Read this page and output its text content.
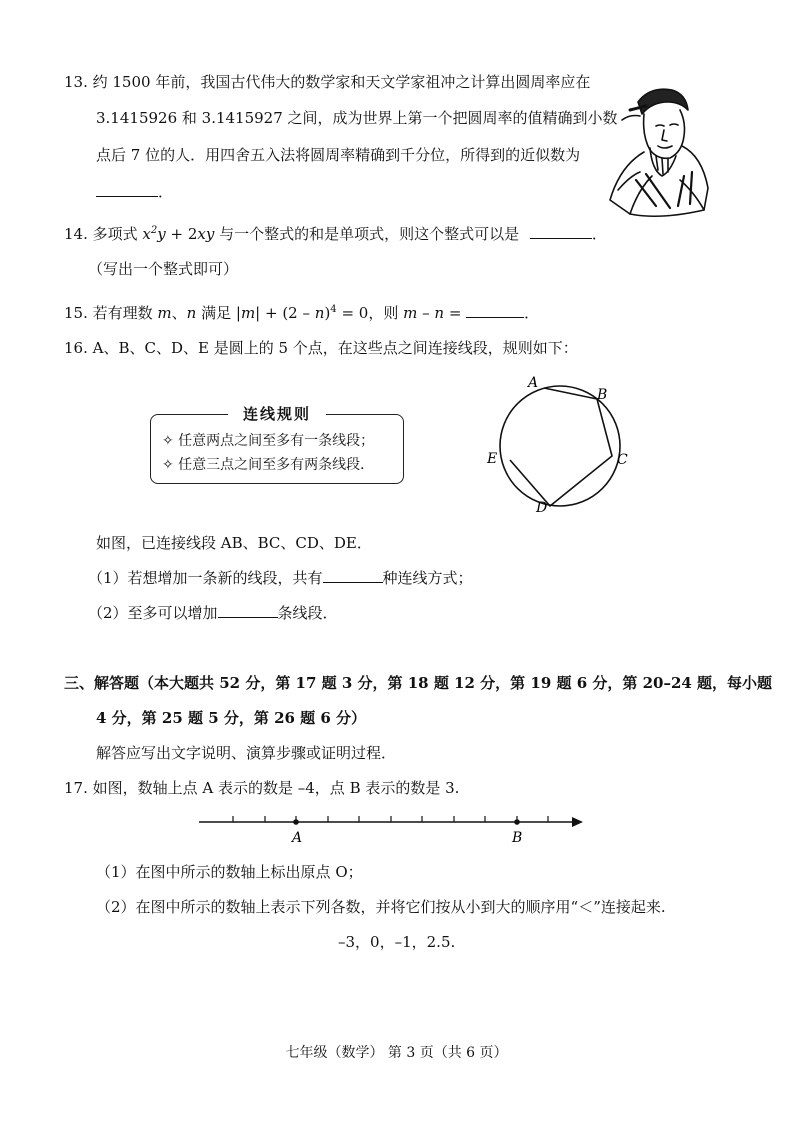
13. 约 1500 年前，我国古代伟大的数学家和天文学家祖冲之计算出圆周率应在
3.1415926 和 3.1415927 之间，成为世界上第一个把圆周率的值精确到小数
点后 7 位的人．用四舍五入法将圆周率精确到千分位，所得到的近似数为
．
14. 多项式 $x^2y + 2xy$ 与一个整式的和是单项式，则这个整式可以是	．
（写出一个整式即可）
15. 若有理数 m、n 满足 |m| + (2 – n)$^4$ = 0，则 m – n =	．
16. A、B、C、D、E 是圆上的 5 个点，在这些点之间连接线段，规则如下：
连线规则
✧ 任意两点之间至多有一条线段；
✧ 任意三点之间至多有两条线段．
A
B
C
D
E
如图，已连接线段 AB、BC、CD、DE．
（1）若想增加一条新的线段，共有	种连线方式；
（2）至多可以增加	条线段．
三、解答题（本大题共 52 分，第 17 题 3 分，第 18 题 12 分，第 19 题 6 分，第 20–24 题，每小题
4 分，第 25 题 5 分，第 26 题 6 分）
解答应写出文字说明、演算步骤或证明过程．
17. 如图，数轴上点 A 表示的数是 –4，点 B 表示的数是 3.
A	B
（1）在图中所示的数轴上标出原点 O；
（2）在图中所示的数轴上表示下列各数，并将它们按从小到大的顺序用“＜”连接起来.
–3，0，–1，2.5.
七年级（数学） 第 3 页（共 6 页）
